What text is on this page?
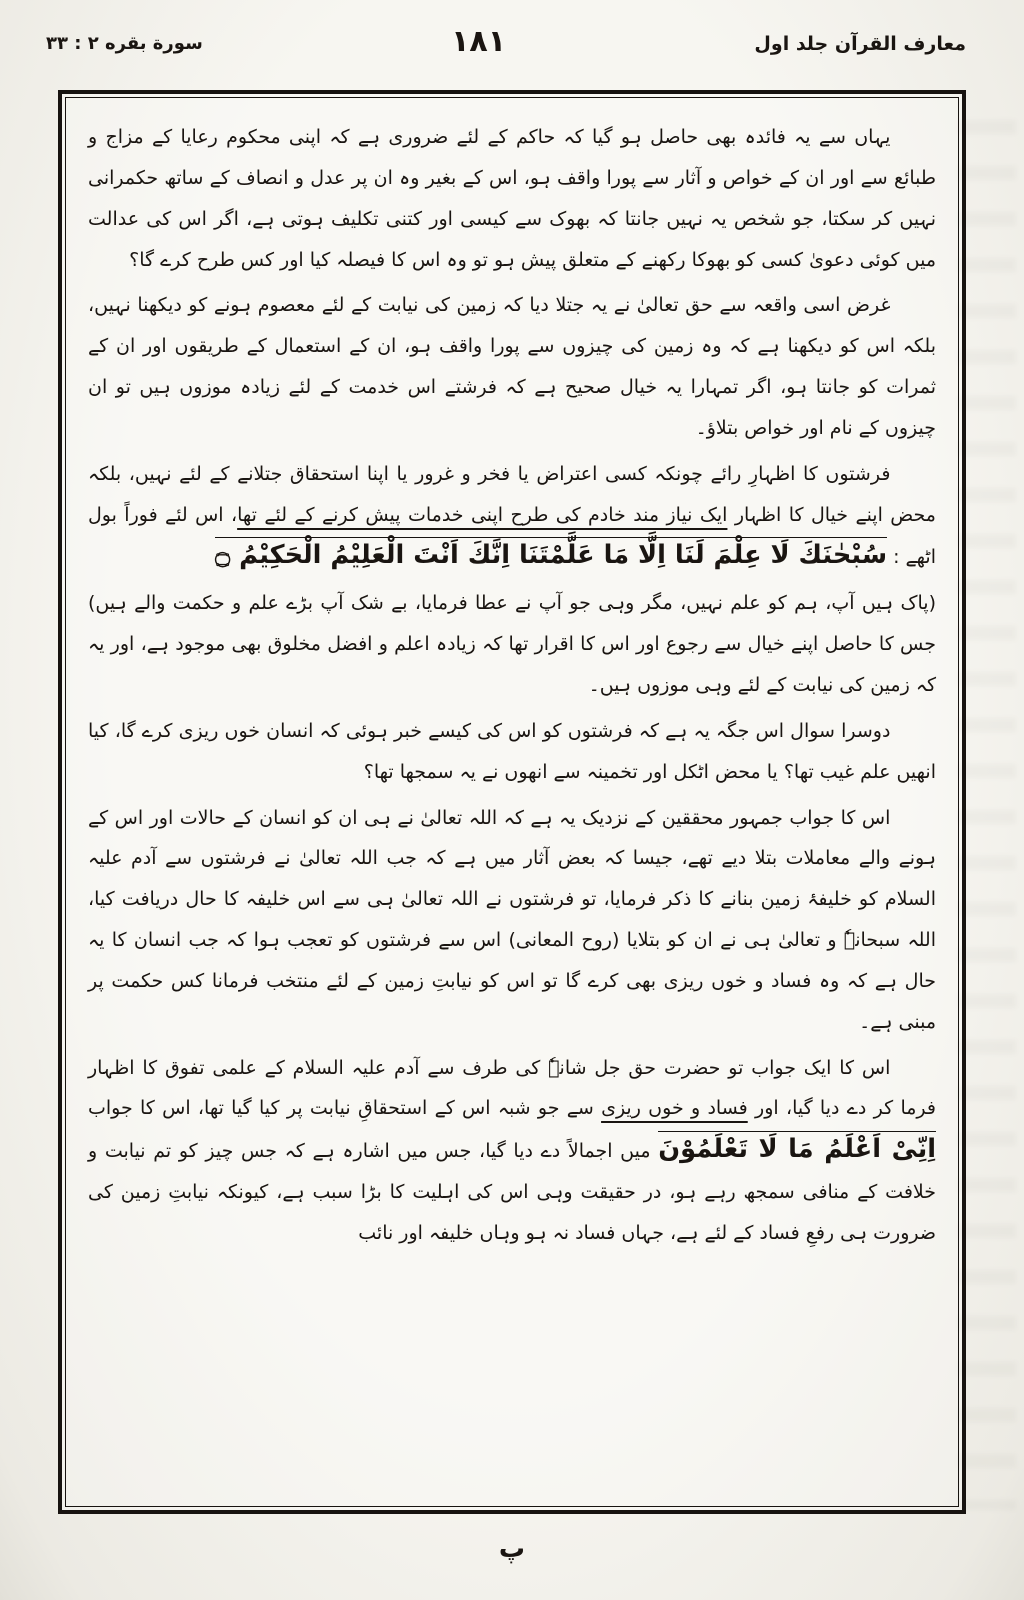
معارف القرآن جلد اول
١٨١
سورة بقره ٢ : ٣٣

یہاں سے یہ فائدہ بھی حاصل ہو گیا کہ حاکم کے لئے ضروری ہے کہ اپنی محکوم رعایا کے مزاج و طبائع سے اور ان کے خواص و آثار سے پورا واقف ہو، اس کے بغیر وہ ان پر عدل و انصاف کے ساتھ حکمرانی نہیں کر سکتا، جو شخص یہ نہیں جانتا کہ بھوک سے کیسی اور کتنی تکلیف ہوتی ہے، اگر اس کی عدالت میں کوئی دعویٰ کسی کو بھوکا رکھنے کے متعلق پیش ہو تو وہ اس کا فیصلہ کیا اور کس طرح کرے گا؟

غرض اسی واقعہ سے حق تعالیٰ نے یہ جتلا دیا کہ زمین کی نیابت کے لئے معصوم ہونے کو دیکھنا نہیں، بلکہ اس کو دیکھنا ہے کہ وہ زمین کی چیزوں سے پورا واقف ہو، ان کے استعمال کے طریقوں اور ان کے ثمرات کو جانتا ہو، اگر تمہارا یہ خیال صحیح ہے کہ فرشتے اس خدمت کے لئے زیادہ موزوں ہیں تو ان چیزوں کے نام اور خواص بتلاؤ۔

فرشتوں کا اظہارِ رائے چونکہ کسی اعتراض یا فخر و غرور یا اپنا استحقاق جتلانے کے لئے نہیں، بلکہ محض اپنے خیال کا اظہار ایک نیاز مند خادم کی طرح اپنی خدمات پیش کرنے کے لئے تھا، اس لئے فوراً بول اٹھے : سُبْحٰنَكَ لَا عِلْمَ لَنَا اِلَّا مَا عَلَّمْتَنَا اِنَّكَ اَنْتَ الْعَلِيْمُ الْحَكِيْمُ ۝

(پاک ہیں آپ، ہم کو علم نہیں، مگر وہی جو آپ نے عطا فرمایا، بے شک آپ بڑے علم و حکمت والے ہیں) جس کا حاصل اپنے خیال سے رجوع اور اس کا اقرار تھا کہ زیادہ اعلم و افضل مخلوق بھی موجود ہے، اور یہ کہ زمین کی نیابت کے لئے وہی موزوں ہیں۔

دوسرا سوال اس جگہ یہ ہے کہ فرشتوں کو اس کی کیسے خبر ہوئی کہ انسان خوں ریزی کرے گا، کیا انھیں علم غیب تھا؟ یا محض اٹکل اور تخمینہ سے انھوں نے یہ سمجھا تھا؟

اس کا جواب جمہور محققین کے نزدیک یہ ہے کہ اللہ تعالیٰ نے ہی ان کو انسان کے حالات اور اس کے ہونے والے معاملات بتلا دیے تھے، جیسا کہ بعض آثار میں ہے کہ جب اللہ تعالیٰ نے فرشتوں سے آدم علیہ السلام کو خلیفۂ زمین بنانے کا ذکر فرمایا، تو فرشتوں نے اللہ تعالیٰ ہی سے اس خلیفہ کا حال دریافت کیا، اللہ سبحانہٗ و تعالیٰ ہی نے ان کو بتلایا (روح المعانی) اس سے فرشتوں کو تعجب ہوا کہ جب انسان کا یہ حال ہے کہ وہ فساد و خوں ریزی بھی کرے گا تو اس کو نیابتِ زمین کے لئے منتخب فرمانا کس حکمت پر مبنی ہے۔

اس کا ایک جواب تو حضرت حق جل شانہٗ کی طرف سے آدم علیہ السلام کے علمی تفوق کا اظہار فرما کر دے دیا گیا، اور فساد و خوں ریزی سے جو شبہ اس کے استحقاقِ نیابت پر کیا گیا تھا، اس کا جواب اِنِّیْ اَعْلَمُ مَا لَا تَعْلَمُوْنَ میں اجمالاً دے دیا گیا، جس میں اشارہ ہے کہ جس چیز کو تم نیابت و خلافت کے منافی سمجھ رہے ہو، در حقیقت وہی اس کی اہلیت کا بڑا سبب ہے، کیونکہ نیابتِ زمین کی ضرورت ہی رفعِ فساد کے لئے ہے، جہاں فساد نہ ہو وہاں خلیفہ اور نائب

پ
